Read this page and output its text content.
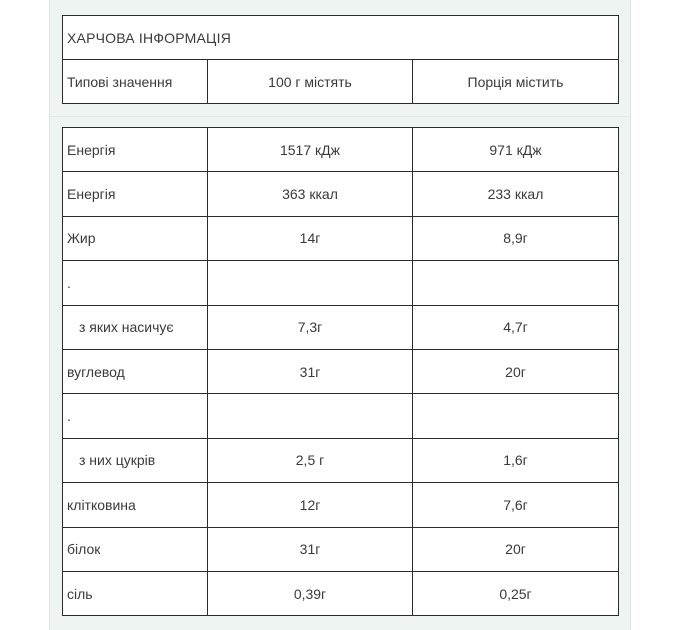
ХАРЧОВА ІНФОРМАЦІЯ
Типові значення	100 г містять	Порція містить
Енергія	1517 кДж	971 кДж
Енергія	363 ккал	233 ккал
Жир	14г	8,9г
.		
з яких насичує	7,3г	4,7г
вуглевод	31г	20г
.		
з них цукрів	2,5 г	1,6г
клітковина	12г	7,6г
білок	31г	20г
сіль	0,39г	0,25г
